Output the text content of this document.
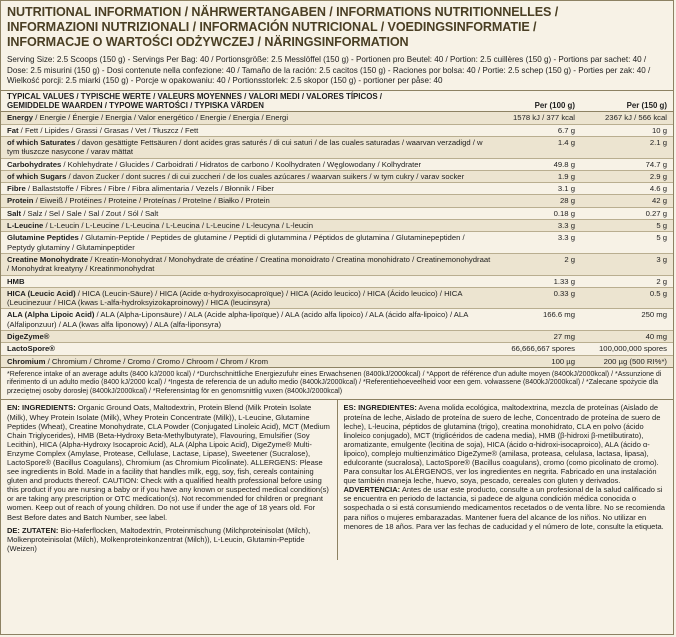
NUTRITIONAL INFORMATION / NÄHRWERTANGABEN / INFORMATIONS NUTRITIONNELLES /
INFORMAZIONI NUTRIZIONALI / INFORMACIÓN NUTRICIONAL / VOEDINGSINFORMATIE /
INFORMACJE O WARTOŚCI ODŻYWCZEJ / NÄRINGSINFORMATION
Serving Size: 2.5 Scoops (150 g) - Servings Per Bag: 40 / Portionsgröße: 2.5 Messlöffel (150 g) - Portionen pro Beutel: 40 / Portion: 2.5 cuillères (150 g) - Portions par sachet: 40 /
Dose: 2.5 misurini (150 g) - Dosi contenute nella confezione: 40 / Tamaño de la ración: 2.5 cacitos (150 g) - Raciones por bolsa: 40 / Portie: 2.5 schep (150 g) - Porties per zak: 40 /
Wielkość porcji: 2.5 miarki (150 g) - Porcje w opakowaniu: 40 / Portionsstorlek: 2.5 skopor (150 g) - portioner per påse: 40
TYPICAL VALUES / TYPISCHE WERTE / VALEURS MOYENNES / VALORI MEDI / VALORES TÍPICOS /
GEMIDDELDE WAARDEN / TYPOWE WARTOŚCI / TYPISKA VÄRDEN	Per (100 g)	Per (150 g)
Energy / Energie / Énergie / Energia / Valor energético / Energie / Energia / Energi	1578 kJ / 377 kcal	2367 kJ / 566 kcal
Fat / Fett / Lipides / Grassi / Grasas / Vet / Tłuszcz / Fett	6.7 g	10 g
of which Saturates / davon gesättigte Fettsäuren / dont acides gras saturés / di cui saturi / de las cuales saturadas / waarvan verzadigd / w tym tłuszcze nasycone / varav mättat	1.4 g	2.1 g
Carbohydrates / Kohlehydrate / Glucides / Carboidrati / Hidratos de carbono / Koolhydraten / Węglowodany / Kolhydrater	49.8 g	74.7 g
of which Sugars / davon Zucker / dont sucres / di cui zuccheri / de los cuales azúcares / waarvan suikers / w tym cukry / varav socker	1.9 g	2.9 g
Fibre / Ballaststoffe / Fibres / Fibre / Fibra alimentaria / Vezels / Błonnik / Fiber	3.1 g	4.6 g
Protein / Eiweiß / Protéines / Proteine / Proteínas / Proteïne / Białko / Protein	28 g	42 g
Salt / Salz / Sel / Sale / Sal / Zout / Sól / Salt	0.18 g	0.27 g
L-Leucine / L-Leucin / L-Leucine / L-Leucina / L-Leucina / L-Leucine / L-leucyna / L-leucin	3.3 g	5 g
Glutamine Peptides / Glutamin-Peptide / Peptides de glutamine / Peptidi di glutammina / Péptidos de glutamina / Glutaminepeptiden / Peptydy glutaminy / Glutaminpeptider	3.3 g	5 g
Creatine Monohydrate / Kreatin-Monohydrat / Monohydrate de créatine / Creatina monoidrato / Creatina monohidrato / Creatinemonohydraat / Monohydrat kreatyny / Kreatinmonohydrat	2 g	3 g
HMB	1.33 g	2 g
HICA (Leucic Acid) / HICA (Leucin-Säure) / HICA (Acide α-hydroxyisocaproïque) / HICA (Acido leucico) / HICA (Ácido leucico) / HICA (Leucinezuur / HICA (kwas L-alfa-hydroksyizokaproinowy) / HICA (leucinsyra)	0.33 g	0.5 g
ALA (Alpha Lipoic Acid) / ALA (Alpha-Liponsäure) / ALA (Acide alpha-lipoïque) / ALA (acido alfa lipoico) / ALA (ácido alfa-lipoico) / ALA (Alfaliponzuur) / ALA (kwas alfa liponowy) / ALA (alfa-liponsyra)	166.6 mg	250 mg
DigeZyme®	27 mg	40 mg
LactoSpore®	66,666,667 spores	100,000,000 spores
Chromium / Chromium / Chrome / Cromo / Cromo / Chroom / Chrom / Krom	100 µg	200 µg (500 RI%*)
*Reference intake of an average adults (8400 kJ/2000 kcal) / *Durchschnittliche Energiezufuhr eines Erwachsenen (8400kJ/2000kcal) / *Apport de référence d'un adulte moyen (8400kJ/2000kcal) / *Assunzione di riferimento di un adulto medio (8400 kJ/2000 kcal) / *Ingesta de referencia de un adulto medio (8400kJ/2000kcal) / *Referentiehoeveelheid voor een gem. volwassene (8400kJ/2000kcal) / *Zalecane spożycie dla przeciętnej osoby dorosłej (8400kJ/2000kcal) / *Referensintag för en genomsnittlig vuxen (8400kJ/2000kcal)

EN: INGREDIENTS: Organic Ground Oats, Maltodextrin, Protein Blend (Milk Protein Isolate (Milk), Whey Protein Isolate (Milk), Whey Protein Concentrate (Milk)), L-Leucine, Glutamine Peptides (Wheat), Creatine Monohydrate, CLA Powder (Conjugated Linoleic Acid), MCT (Medium Chain Triglycerides), HMB (Beta-Hydroxy Beta-Methylbutyrate), Flavouring, Emulsifier (Soy Lecithin), HICA (Alpha-Hydroxy Isocaproic Acid), ALA (Alpha Lipoic Acid), DigeZyme® Multi-Enzyme Complex (Amylase, Protease, Cellulase, Lactase, Lipase), Sweetener (Sucralose), LactoSpore® (Bacillus Coagulans), Chromium (as Chromium Picolinate). ALLERGENS: Please see ingredients in Bold. Made in a facility that handles milk, egg, soy, fish, cereals containing gluten and products thereof. CAUTION: Check with a qualified health professional before using this product if you are nursing a baby or if you have any known or suspected medical condition(s) or are taking any prescription or OTC medication(s). Not recommended for children or pregnant women. Keep out of reach of young children. Do not use if under the age of 18 years old. For Best Before dates and Batch Number, see label.

DE: ZUTATEN: Bio-Haferflocken, Maltodextrin, Proteinmischung (Milchproteinisolat (Milch), Molkenproteinisolat (Milch), Molkenproteinkonzentrat (Milch)), L-Leucin, Glutamin-Peptide (Weizen)

ES: INGREDIENTES: Avena molida ecológica, maltodextrina, mezcla de proteínas (Aislado de proteína de leche, Aislado de proteína de suero de leche, Concentrado de proteína de suero de leche), L-leucina, péptidos de glutamina (trigo), creatina monohidrato, CLA en polvo (ácido linoleico conjugado), MCT (triglicéridos de cadena media), HMB (β-hidroxi β-metilbutirato), aromatizante, emulgente (lecitina de soja), HICA (ácido α-hidroxi-isocaproico), ALA (ácido α-lipoico), complejo multienzimático DigeZyme® (amilasa, proteasa, celulasa, lactasa, lipasa), edulcorante (sucralosa), LactoSpore® (Bacillus coagulans), cromo (como picolinato de cromo). Para consultar los ALÉRGENOS, ver los ingredientes en negrita. Fabricado en una instalación que también maneja leche, huevo, soya, pescado, cereales con gluten y derivados.

ADVERTENCIA: Antes de usar este producto, consulte a un profesional de la salud calificado si se encuentra en periodo de lactancia, si padece de alguna condición médica conocida o sospechada o si está consumiendo medicamentos recetados o de venta libre. No se recomienda para niños o mujeres embarazadas. Mantener fuera del alcance de los niños. No utilizar en menores de 18 años. Para ver las fechas de caducidad y el número de lote, consulte la etiqueta.
